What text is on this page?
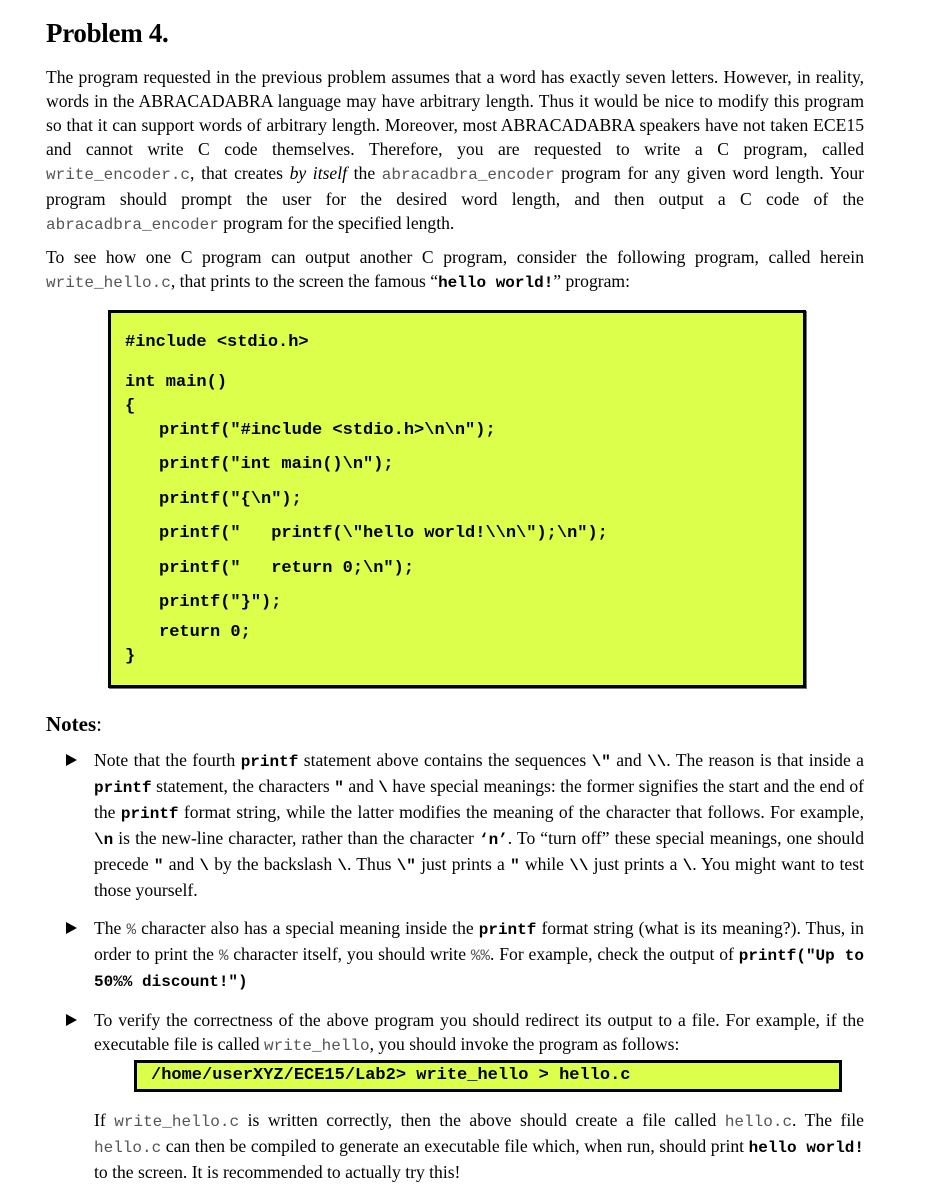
Problem 4.

The program requested in the previous problem assumes that a word has exactly seven letters. However, in reality, words in the ABRACADABRA language may have arbitrary length. Thus it would be nice to modify this program so that it can support words of arbitrary length. Moreover, most ABRACADABRA speakers have not taken ECE15 and cannot write C code themselves. Therefore, you are requested to write a C program, called write_encoder.c, that creates by itself the abracadbra_encoder program for any given word length. Your program should prompt the user for the desired word length, and then output a C code of the abracadbra_encoder program for the specified length.

To see how one C program can output another C program, consider the following program, called herein write_hello.c, that prints to the screen the famous “hello world!” program:

#include <stdio.h>
int main()
{
printf("#include <stdio.h>\n\n");
printf("int main()\n");
printf("{\n");
printf("   printf(\"hello world!\\n\");\n");
printf("   return 0;\n");
printf("}");
return 0;
}
Notes:
Note that the fourth printf statement above contains the sequences \" and \\. The reason is that inside a printf statement, the characters " and \ have special meanings: the former signifies the start and the end of the printf format string, while the latter modifies the meaning of the character that follows. For example, \n is the new-line character, rather than the character ‘n’. To “turn off” these special meanings, one should precede " and \ by the backslash \. Thus \" just prints a " while \\ just prints a \. You might want to test those yourself.
The % character also has a special meaning inside the printf format string (what is its meaning?). Thus, in order to print the % character itself, you should write %%. For example, check the output of printf("Up to 50%% discount!")
To verify the correctness of the above program you should redirect its output to a file. For example, if the executable file is called write_hello, you should invoke the program as follows:
/home/userXYZ/ECE15/Lab2> write_hello > hello.c
If write_hello.c is written correctly, then the above should create a file called hello.c. The file hello.c can then be compiled to generate an executable file which, when run, should print hello world! to the screen. It is recommended to actually try this!
